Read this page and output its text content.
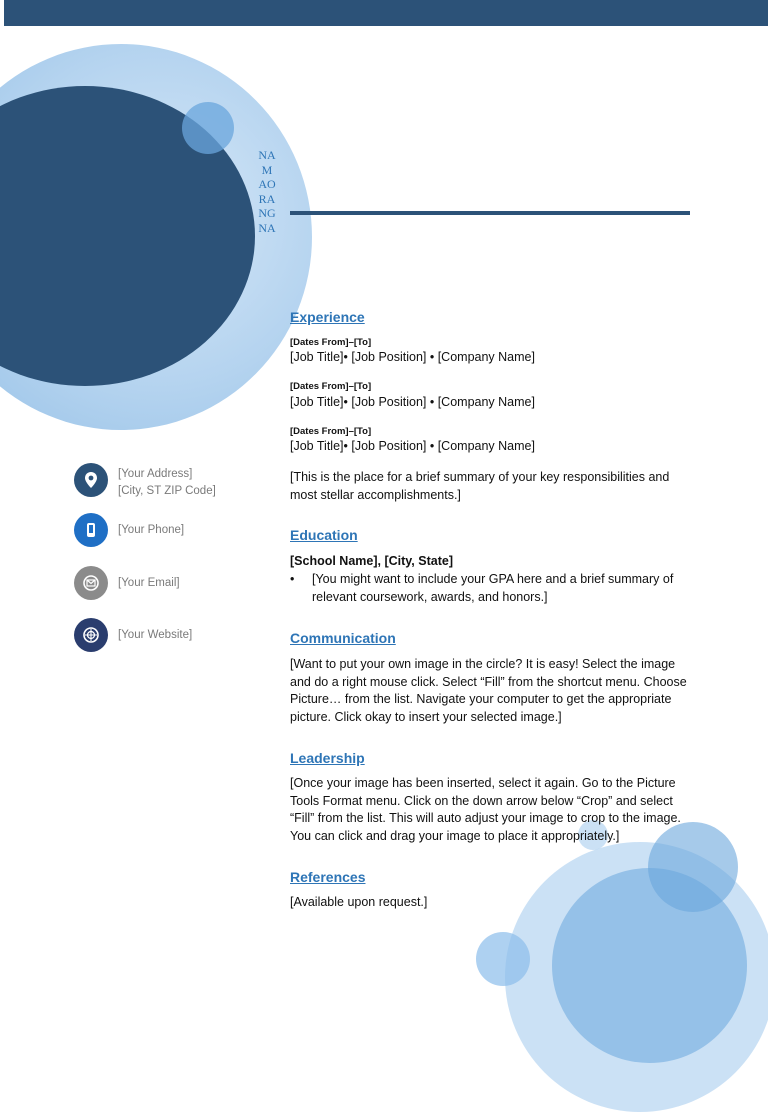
NAMAORANGNA
[Your Address]
[City, ST ZIP Code]
[Your Phone]
[Your Email]
[Your Website]
Experience
[Dates From]–[To]
[Job Title]• [Job Position] • [Company Name]
[Dates From]–[To]
[Job Title]• [Job Position] • [Company Name]
[Dates From]–[To]
[Job Title]• [Job Position] • [Company Name]
[This is the place for a brief summary of your key responsibilities and most stellar accomplishments.]
Education
[School Name], [City, State]
• [You might want to include your GPA here and a brief summary of relevant coursework, awards, and honors.]
Communication
[Want to put your own image in the circle? It is easy! Select the image and do a right mouse click. Select “Fill” from the shortcut menu. Choose Picture… from the list. Navigate your computer to get the appropriate picture. Click okay to insert your selected image.]
Leadership
[Once your image has been inserted, select it again. Go to the Picture Tools Format menu. Click on the down arrow below “Crop” and select “Fill” from the list. This will auto adjust your image to crop to the image. You can click and drag your image to place it appropriately.]
References
[Available upon request.]
